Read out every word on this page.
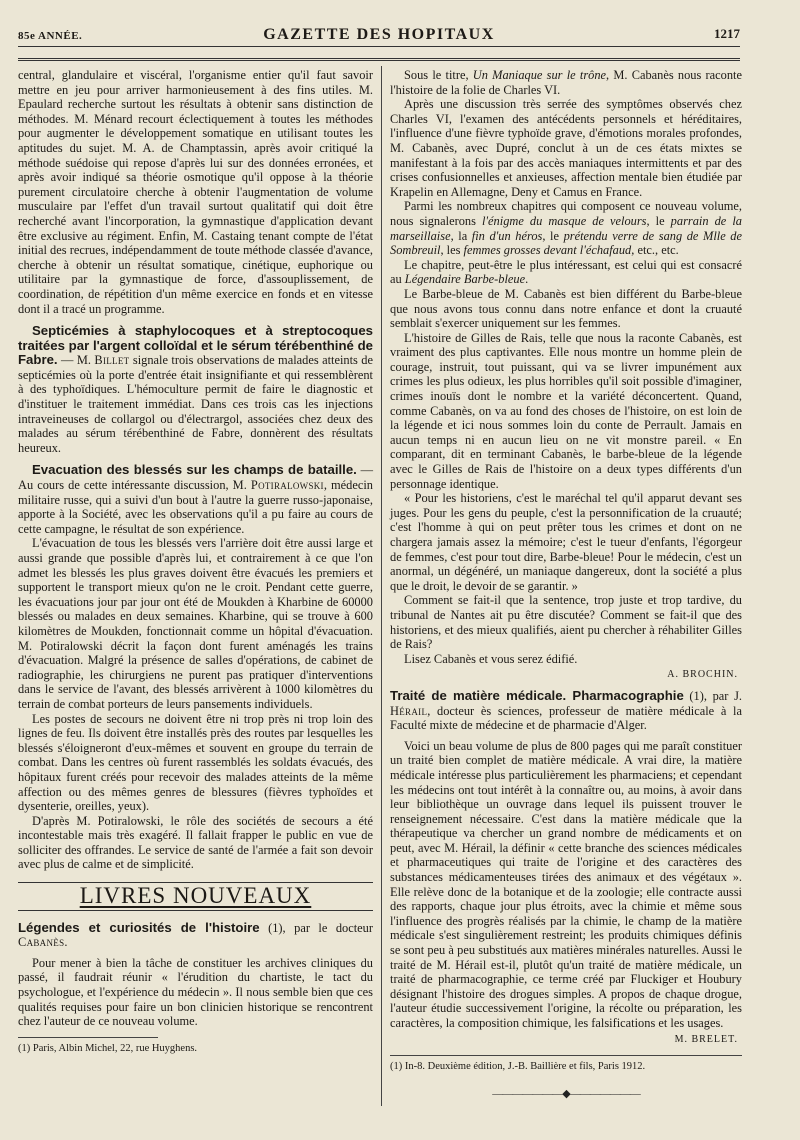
85e ANNÉE.	GAZETTE DES HOPITAUX	1217

central, glandulaire et viscéral, l'organisme entier qu'il faut savoir mettre en jeu pour arriver harmonieusement à des fins utiles. M. Epaulard recherche surtout les résultats à obtenir sans distinction de méthodes. M. Ménard recourt éclectiquement à toutes les méthodes pour augmenter le développement somatique en utilisant toutes les aptitudes du sujet. M. A. de Champtassin, après avoir critiqué la méthode suédoise qui repose d'après lui sur des données erronées, et après avoir indiqué sa théorie osmotique qu'il oppose à la théorie purement circulatoire cherche à obtenir l'augmentation de volume musculaire par l'effet d'un travail surtout qualitatif qui doit être recherché avant l'incorporation, la gymnastique d'application devant être exclusive au régiment. Enfin, M. Castaing tenant compte de l'état initial des recrues, indépendamment de toute méthode classée d'avance, cherche à obtenir un résultat somatique, cinétique, euphorique ou utilitaire par la gymnastique de force, d'assouplissement, de coordination, de répétition d'un même exercice en fonds et en vitesse dont il a tracé un programme.

Septicémies à staphylocoques et à streptocoques traitées par l'argent colloïdal et le sérum térébenthiné de Fabre. — M. Billet signale trois observations de malades atteints de septicémies où la porte d'entrée était insignifiante et qui ressemblèrent à des typhoïdiques. L'hémoculture permit de faire le diagnostic et d'instituer le traitement immédiat. Dans ces trois cas les injections intraveineuses de collargol ou d'électrargol, associées chez deux des malades au sérum térébenthiné de Fabre, donnèrent des résultats heureux.

Evacuation des blessés sur les champs de bataille. — Au cours de cette intéressante discussion, M. Potiralowski, médecin militaire russe, qui a suivi d'un bout à l'autre la guerre russo-japonaise, apporte à la Société, avec les observations qu'il a pu faire au cours de cette campagne, le résultat de son expérience.

L'évacuation de tous les blessés vers l'arrière doit être aussi large et aussi grande que possible d'après lui, et contrairement à ce que l'on admet les blessés les plus graves doivent être évacués les premiers et supportent le transport mieux qu'on ne le croit. Pendant cette guerre, les évacuations jour par jour ont été de Moukden à Kharbine de 60000 blessés ou malades en deux semaines. Kharbine, qui se trouve à 600 kilomètres de Moukden, fonctionnait comme un hôpital d'évacuation. M. Potiralowski décrit la façon dont furent aménagés les trains d'évacuation. Malgré la présence de salles d'opérations, de cabinet de radiographie, les chirurgiens ne purent pas pratiquer d'interventions dans le service de l'avant, des blessés arrivèrent à 1000 kilomètres du terrain de combat porteurs de leurs pansements individuels.

Les postes de secours ne doivent être ni trop près ni trop loin des lignes de feu. Ils doivent être installés près des routes par lesquelles les blessés s'éloigneront d'eux-mêmes et souvent en groupe du terrain de combat. Dans les centres où furent rassemblés les soldats évacués, des hôpitaux furent créés pour recevoir des malades atteints de la même affection ou des mêmes genres de blessures (fièvres typhoïdes et dysenterie, oreilles, yeux).

D'après M. Potiralowski, le rôle des sociétés de secours a été incontestable mais très exagéré. Il fallait frapper le public en vue de solliciter des offrandes. Le service de santé de l'armée a fait son devoir avec plus de calme et de simplicité.

LIVRES NOUVEAUX

Légendes et curiosités de l'histoire (1), par le docteur Cabanès.

Pour mener à bien la tâche de constituer les archives cliniques du passé, il faudrait réunir « l'érudition du chartiste, le tact du psychologue, et l'expérience du médecin ». Il nous semble bien que ces qualités requises pour faire un bon clinicien historique se rencontrent chez l'auteur de ce nouveau volume.

(1) Paris, Albin Michel, 22, rue Huyghens.

Sous le titre, Un Maniaque sur le trône, M. Cabanès nous raconte l'histoire de la folie de Charles VI.

Après une discussion très serrée des symptômes observés chez Charles VI, l'examen des antécédents personnels et héréditaires, l'influence d'une fièvre typhoïde grave, d'émotions morales profondes, M. Cabanès, avec Dupré, conclut à un de ces états mixtes se manifestant à la fois par des accès maniaques intermittents et par des crises confusionnelles et anxieuses, affection mentale bien étudiée par Krapelin en Allemagne, Deny et Camus en France.

Parmi les nombreux chapitres qui composent ce nouveau volume, nous signalerons l'énigme du masque de velours, le parrain de la marseillaise, la fin d'un héros, le prétendu verre de sang de Mlle de Sombreuil, les femmes grosses devant l'échafaud, etc., etc.

Le chapitre, peut-être le plus intéressant, est celui qui est consacré au Légendaire Barbe-bleue.

Le Barbe-bleue de M. Cabanès est bien différent du Barbe-bleue que nous avons tous connu dans notre enfance et dont la cruauté semblait s'exercer uniquement sur les femmes.

L'histoire de Gilles de Rais, telle que nous la raconte Cabanès, est vraiment des plus captivantes. Elle nous montre un homme plein de courage, instruit, tout puissant, qui va se livrer impunément aux crimes les plus odieux, les plus horribles qu'il soit possible d'imaginer, crimes inouïs dont le nombre et la variété déconcertent. Quand, comme Cabanès, on va au fond des choses de l'histoire, on est loin de la légende et ici nous sommes loin du conte de Perrault. Jamais en aucun temps ni en aucun lieu on ne vit monstre pareil. « En comparant, dit en terminant Cabanès, le barbe-bleue de la légende avec le Gilles de Rais de l'histoire on a deux types différents d'un personnage identique.

« Pour les historiens, c'est le maréchal tel qu'il apparut devant ses juges. Pour les gens du peuple, c'est la personnification de la cruauté; c'est l'homme à qui on peut prêter tous les crimes et dont on ne chargera jamais assez la mémoire; c'est le tueur d'enfants, l'égorgeur de femmes, c'est pour tout dire, Barbe-bleue! Pour le médecin, c'est un anormal, un dégénéré, un maniaque dangereux, dont la société a plus que le droit, le devoir de se garantir. »

Comment se fait-il que la sentence, trop juste et trop tardive, du tribunal de Nantes ait pu être discutée? Comment se fait-il que des historiens, et des mieux qualifiés, aient pu chercher à réhabiliter Gilles de Rais?

Lisez Cabanès et vous serez édifié.

A. BROCHIN.

Traité de matière médicale. Pharmacographie (1), par J. Hérail, docteur ès sciences, professeur de matière médicale à la Faculté mixte de médecine et de pharmacie d'Alger.

Voici un beau volume de plus de 800 pages qui me paraît constituer un traité bien complet de matière médicale. A vrai dire, la matière médicale intéresse plus particulièrement les pharmaciens; et cependant les médecins ont tout intérêt à la connaître ou, au moins, à avoir dans leur bibliothèque un ouvrage dans lequel ils puissent trouver le renseignement nécessaire. C'est dans la matière médicale que la thérapeutique va chercher un grand nombre de médicaments et on peut, avec M. Hérail, la définir « cette branche des sciences médicales et pharmaceutiques qui traite de l'origine et des caractères des substances médicamenteuses tirées des animaux et des végétaux ». Elle relève donc de la botanique et de la zoologie; elle contracte aussi des rapports, chaque jour plus étroits, avec la chimie et même sous l'influence des progrès réalisés par la chimie, le champ de la matière médicale s'est singulièrement restreint; les produits chimiques définis se sont peu à peu substitués aux matières minérales naturelles. Aussi le traité de M. Hérail est-il, plutôt qu'un traité de matière médicale, un traité de pharmacographie, ce terme créé par Fluckiger et Houbury désignant l'histoire des drogues simples. A propos de chaque drogue, l'auteur étudie successivement l'origine, la récolte ou préparation, les caractères, la composition chimique, les falsifications et les usages.

M. BRELET.

(1) In-8. Deuxième édition, J.-B. Baillière et fils, Paris 1912.

———————◆———————
